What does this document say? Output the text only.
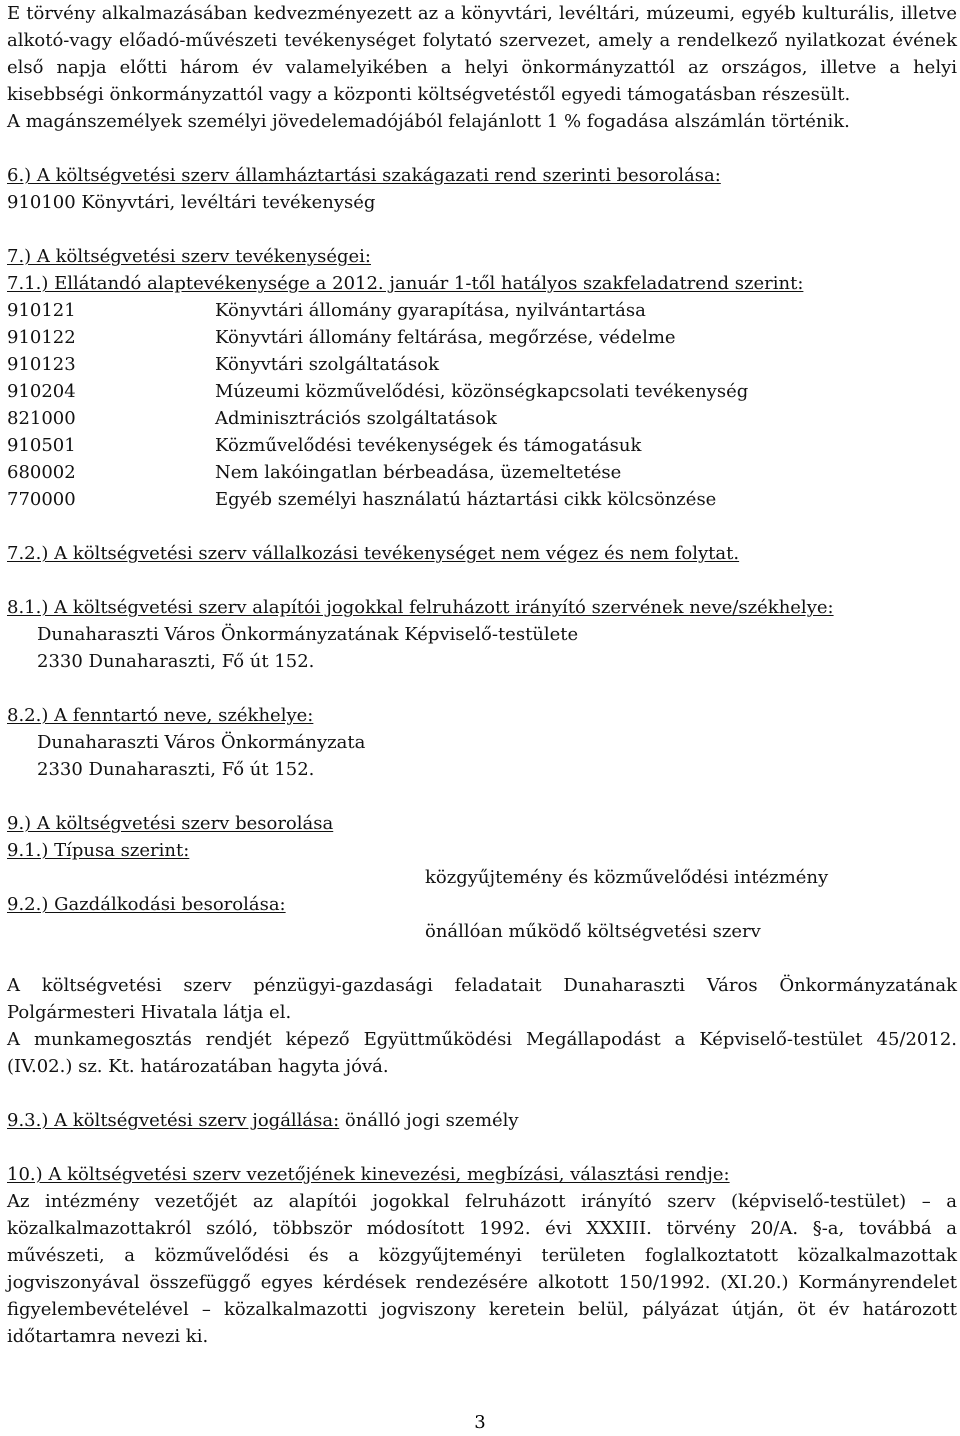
E törvény alkalmazásában kedvezményezett az a könyvtári, levéltári, múzeumi, egyéb kulturális, illetve alkotó-vagy előadó-művészeti tevékenységet folytató szervezet, amely a rendelkező nyilatkozat évének első napja előtti három év valamelyikében a helyi önkormányzattól az országos, illetve a helyi kisebbségi önkormányzattól vagy a központi költségvetéstől egyedi támogatásban részesült.

A magánszemélyek személyi jövedelemadójából felajánlott 1 % fogadása alszámlán történik.

6.) A költségvetési szerv államháztartási szakágazati rend szerinti besorolása:

910100 Könyvtári, levéltári tevékenység

7.) A költségvetési szerv tevékenységei:

7.1.) Ellátandó alaptevékenysége a 2012. január 1-től hatályos szakfeladatrend szerint:

910121	Könyvtári állomány gyarapítása, nyilvántartása
910122	Könyvtári állomány feltárása, megőrzése, védelme
910123	Könyvtári szolgáltatások
910204	Múzeumi közművelődési, közönségkapcsolati tevékenység
821000	Adminisztrációs szolgáltatások
910501	Közművelődési tevékenységek és támogatásuk
680002	Nem lakóingatlan bérbeadása, üzemeltetése
770000	Egyéb személyi használatú háztartási cikk kölcsönzése

7.2.) A költségvetési szerv vállalkozási tevékenységet nem végez és nem folytat.

8.1.) A költségvetési szerv alapítói jogokkal felruházott irányító szervének neve/székhelye:

Dunaharaszti Város Önkormányzatának Képviselő-testülete

2330 Dunaharaszti, Fő út 152.

8.2.) A fenntartó neve, székhelye:

Dunaharaszti Város Önkormányzata

2330 Dunaharaszti, Fő út 152.

9.) A költségvetési szerv besorolása

9.1.) Típusa szerint:

közgyűjtemény és közművelődési intézmény

9.2.) Gazdálkodási besorolása:

önállóan működő költségvetési szerv

A költségvetési szerv pénzügyi-gazdasági feladatait Dunaharaszti Város Önkormányzatának Polgármesteri Hivatala látja el.

A munkamegosztás rendjét képező Együttműködési Megállapodást a Képviselő-testület 45/2012. (IV.02.) sz. Kt. határozatában hagyta jóvá.

9.3.) A költségvetési szerv jogállása: önálló jogi személy

10.) A költségvetési szerv vezetőjének kinevezési, megbízási, választási rendje:

Az intézmény vezetőjét az alapítói jogokkal felruházott irányító szerv (képviselő-testület) – a közalkalmazottakról szóló, többször módosított 1992. évi XXXIII. törvény 20/A. §-a, továbbá a művészeti, a közművelődési és a közgyűjteményi területen foglalkoztatott közalkalmazottak jogviszonyával összefüggő egyes kérdések rendezésére alkotott 150/1992. (XI.20.) Kormányrendelet figyelembevételével – közalkalmazotti jogviszony keretein belül, pályázat útján, öt év határozott időtartamra nevezi ki.

3
